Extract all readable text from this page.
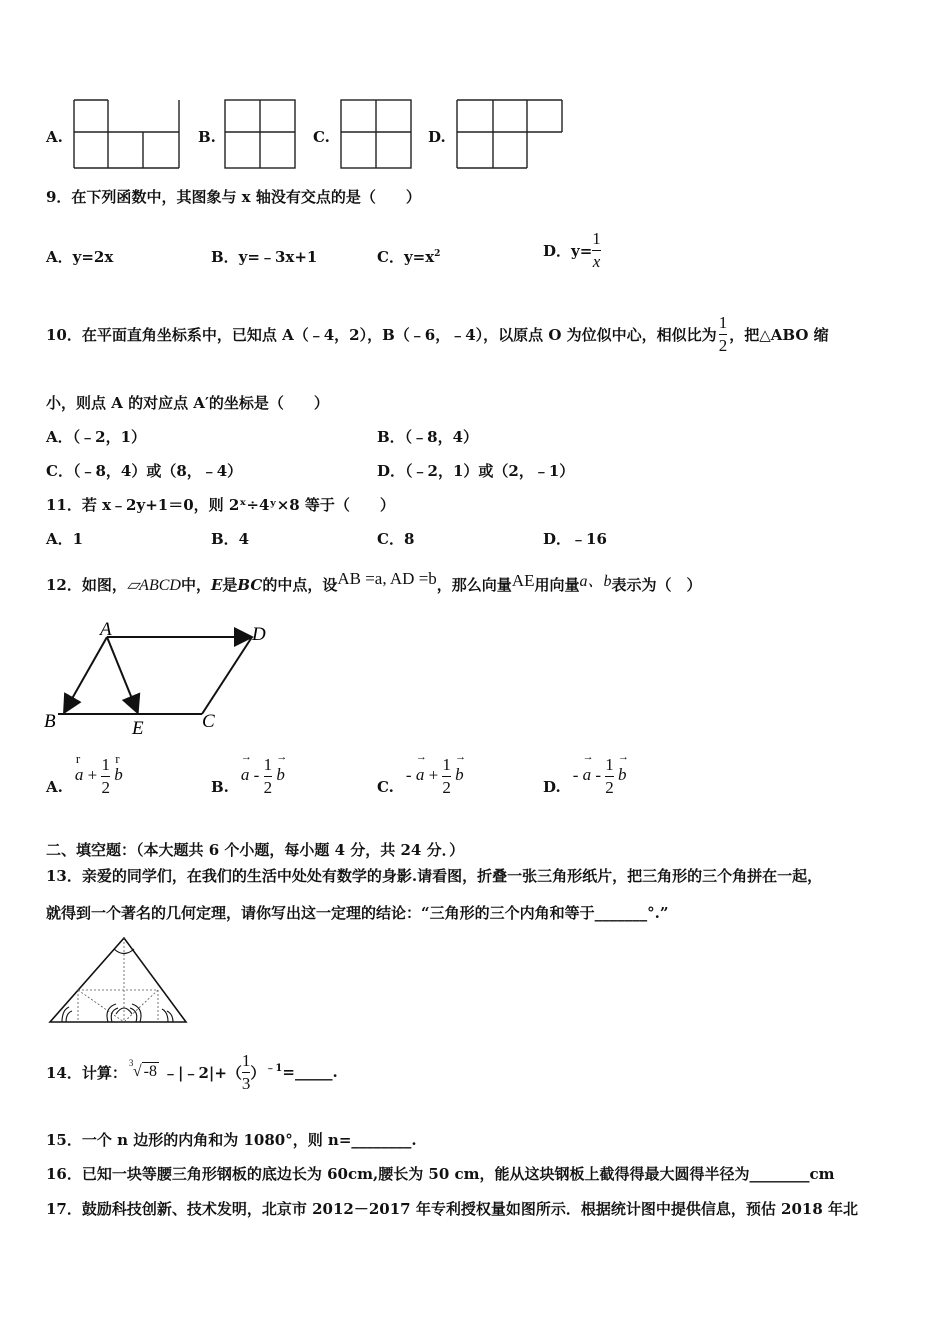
A.	B.	C.	D.
9．在下列函数中，其图象与 x 轴没有交点的是（　　）
A．y=2x	B．y=﹣3x+1	C．$y=x^2$	D．$y= \frac{1}{x}$
10．在平面直角坐标系中，已知点 A（﹣4，2），B（﹣6，﹣4），以原点 O 为位似中心，相似比为 $\frac{1}{2}$ ，把△ABO 缩
小，则点 A 的对应点 A′的坐标是（　　）
A．（﹣2，1）	B．（﹣8，4）
C．（﹣8，4）或（8，﹣4）	D．（﹣2，1）或（2，﹣1）
11．若 x﹣2y+1＝0，则 2ˣ÷4ʸ×8 等于（　　）
A．1	B．4	C．8	D．﹣16
12．如图， ▱ABCD 中， E 是 BC 的中点，设 AB =a, AD =b ，那么向量 AE 用向量 a、b 表示为（　）
A	D
B	E	C
A.
r
$a + \frac{1}{2}$
r
b
B.
→
a - $\frac{1}{2}$
→
b
C.
-
→
$a + \frac{1}{2}$
→
b
D.
-
→
a - $\frac{1}{2}$
→
b
二、填空题：（本大题共 6 个小题，每小题 4 分，共 24 分．）
13．亲爱的同学们，在我们的生活中处处有数学的身影.请看图，折叠一张三角形纸片，把三角形的三个角拼在一起，
就得到一个著名的几何定理，请你写出这一定理的结论：“三角形的三个内角和等于_______°.”
14．计算：
3 √ -8 ﹣|﹣2|+（ $\frac{1}{3} )^{﹣1}$ =_____.
15．一个 n 边形的内角和为 1080°，则 n=________.
16．已知一块等腰三角形钢板的底边长为 60cm,腰长为 50 cm，能从这块钢板上截得得最大圆得半径为________cm
17．鼓励科技创新、技术发明，北京市 2012－2017 年专利授权量如图所示．根据统计图中提供信息，预估 2018 年北
